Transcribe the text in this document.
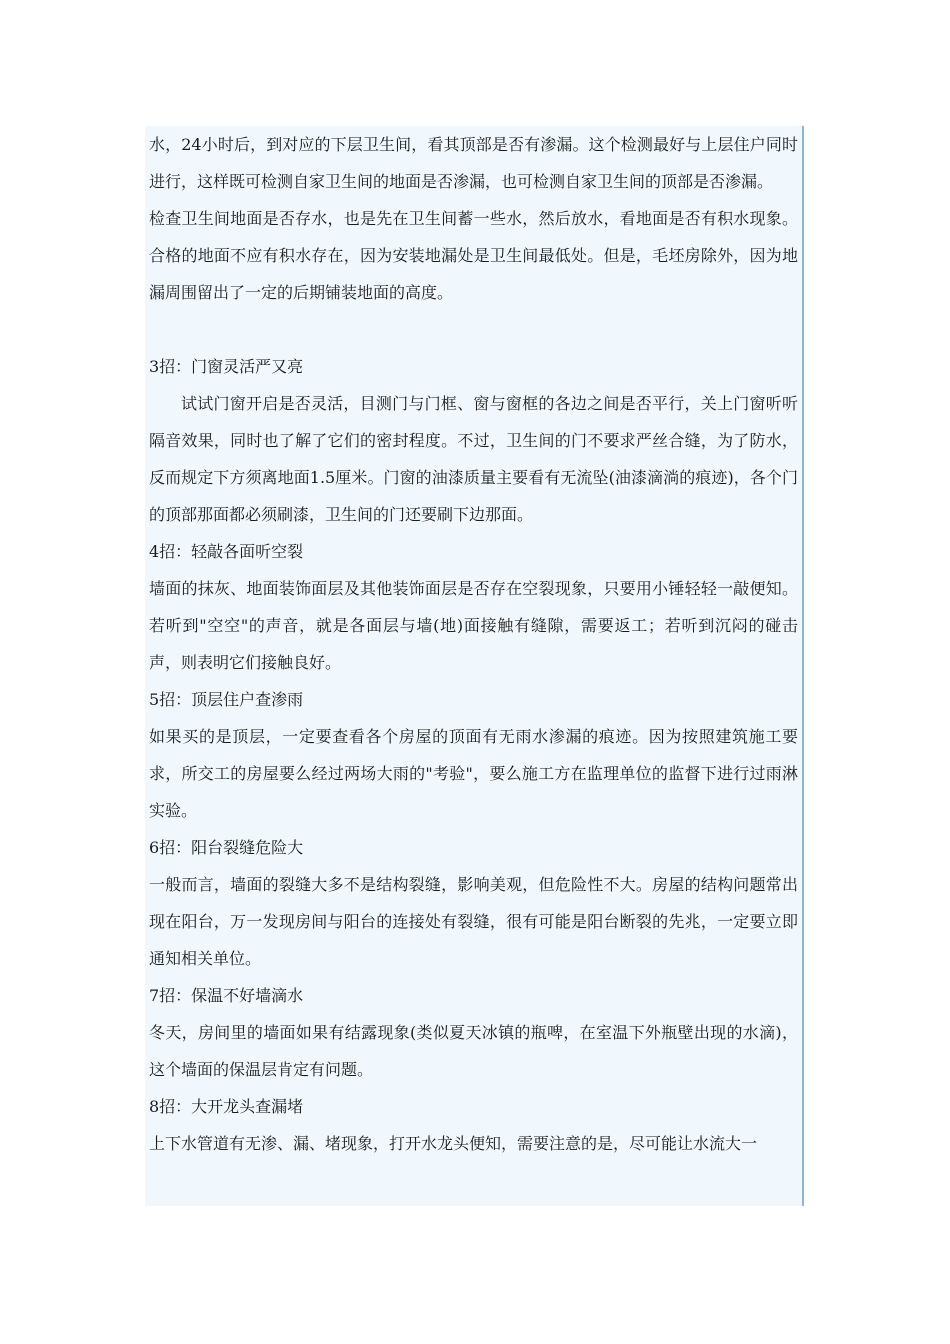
水，24小时后，到对应的下层卫生间，看其顶部是否有渗漏。这个检测最好与上层住户同时进行，这样既可检测自家卫生间的地面是否渗漏，也可检测自家卫生间的顶部是否渗漏。

检查卫生间地面是否存水，也是先在卫生间蓄一些水，然后放水，看地面是否有积水现象。合格的地面不应有积水存在，因为安装地漏处是卫生间最低处。但是，毛坯房除外，因为地漏周围留出了一定的后期铺装地面的高度。

3招：门窗灵活严又亮

试试门窗开启是否灵活，目测门与门框、窗与窗框的各边之间是否平行，关上门窗听听隔音效果，同时也了解了它们的密封程度。不过，卫生间的门不要求严丝合缝，为了防水，反而规定下方须离地面1.5厘米。门窗的油漆质量主要看有无流坠(油漆滴淌的痕迹)，各个门的顶部那面都必须刷漆，卫生间的门还要刷下边那面。

4招：轻敲各面听空裂

墙面的抹灰、地面装饰面层及其他装饰面层是否存在空裂现象，只要用小锤轻轻一敲便知。若听到"空空"的声音，就是各面层与墙(地)面接触有缝隙，需要返工；若听到沉闷的碰击声，则表明它们接触良好。

5招：顶层住户查渗雨

如果买的是顶层，一定要查看各个房屋的顶面有无雨水渗漏的痕迹。因为按照建筑施工要求，所交工的房屋要么经过两场大雨的"考验"，要么施工方在监理单位的监督下进行过雨淋实验。

6招：阳台裂缝危险大

一般而言，墙面的裂缝大多不是结构裂缝，影响美观，但危险性不大。房屋的结构问题常出现在阳台，万一发现房间与阳台的连接处有裂缝，很有可能是阳台断裂的先兆，一定要立即通知相关单位。

7招：保温不好墙滴水

冬天，房间里的墙面如果有结露现象(类似夏天冰镇的瓶啤，在室温下外瓶壁出现的水滴)，这个墙面的保温层肯定有问题。

8招：大开龙头查漏堵

上下水管道有无渗、漏、堵现象，打开水龙头便知，需要注意的是，尽可能让水流大一
